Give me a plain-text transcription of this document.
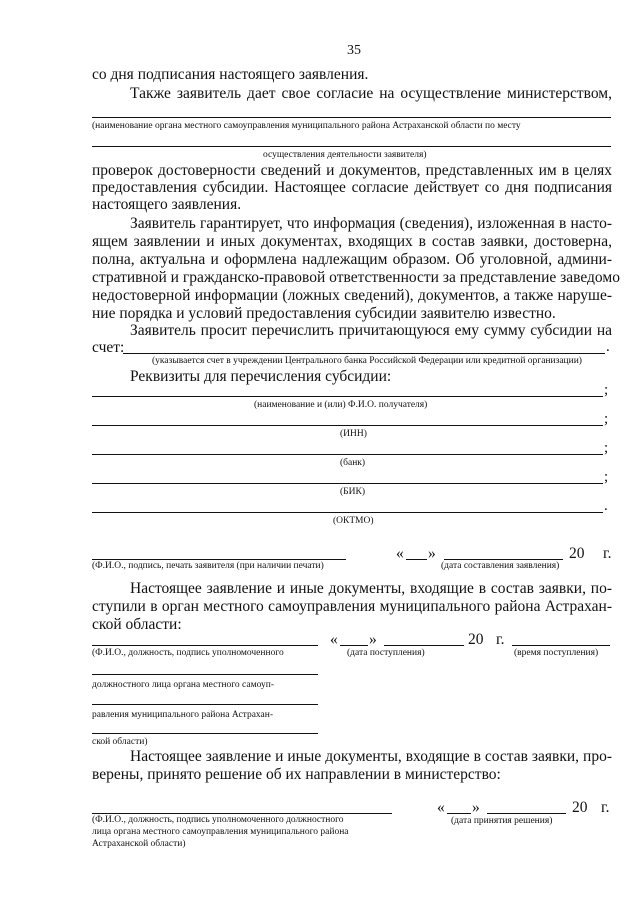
35
со дня подписания настоящего заявления.
Также заявитель дает свое согласие на осуществление министерством,
(наименование органа местного самоуправления муниципального района Астраханской области по месту
осуществления деятельности заявителя)
проверок достоверности сведений и документов, представленных им в целях
предоставления субсидии. Настоящее согласие действует со дня подписания
настоящего заявления.
Заявитель гарантирует, что информация (сведения), изложенная в насто-
ящем заявлении и иных документах, входящих в состав заявки, достоверна,
полна, актуальна и оформлена надлежащим образом. Об уголовной, админи-
стративной и гражданско-правовой ответственности за представление заведомо
недостоверной информации (ложных сведений), документов, а также наруше-
ние порядка и условий предоставления субсидии заявителю известно.
Заявитель просит перечислить причитающуюся ему сумму субсидии на
счет:	.
(указывается счет в учреждении Центрального банка Российской Федерации или кредитной организации)
Реквизиты для перечисления субсидии:
;
(наименование и (или) Ф.И.О. получателя)
;
(ИНН)
;
(банк)
;
(БИК)
.
(ОКТМО)
(Ф.И.О., подпись, печать заявителя (при наличии печати)
« »	20 г.
(дата составления заявления)
Настоящее заявление и иные документы, входящие в состав заявки, по-
ступили в орган местного самоуправления муниципального района Астрахан-
ской области:
(Ф.И.О., должность, подпись уполномоченного
« »	20 г.
(дата поступления)	(время поступления)
должностного лица органа местного самоуп-
равления муниципального района Астрахан-
ской области)
Настоящее заявление и иные документы, входящие в состав заявки, про-
верены, принято решение об их направлении в министерство:
(Ф.И.О., должность, подпись уполномоченного должностного
лица органа местного самоуправления муниципального района
Астраханской области)
« »	20 г.
(дата принятия решения)
